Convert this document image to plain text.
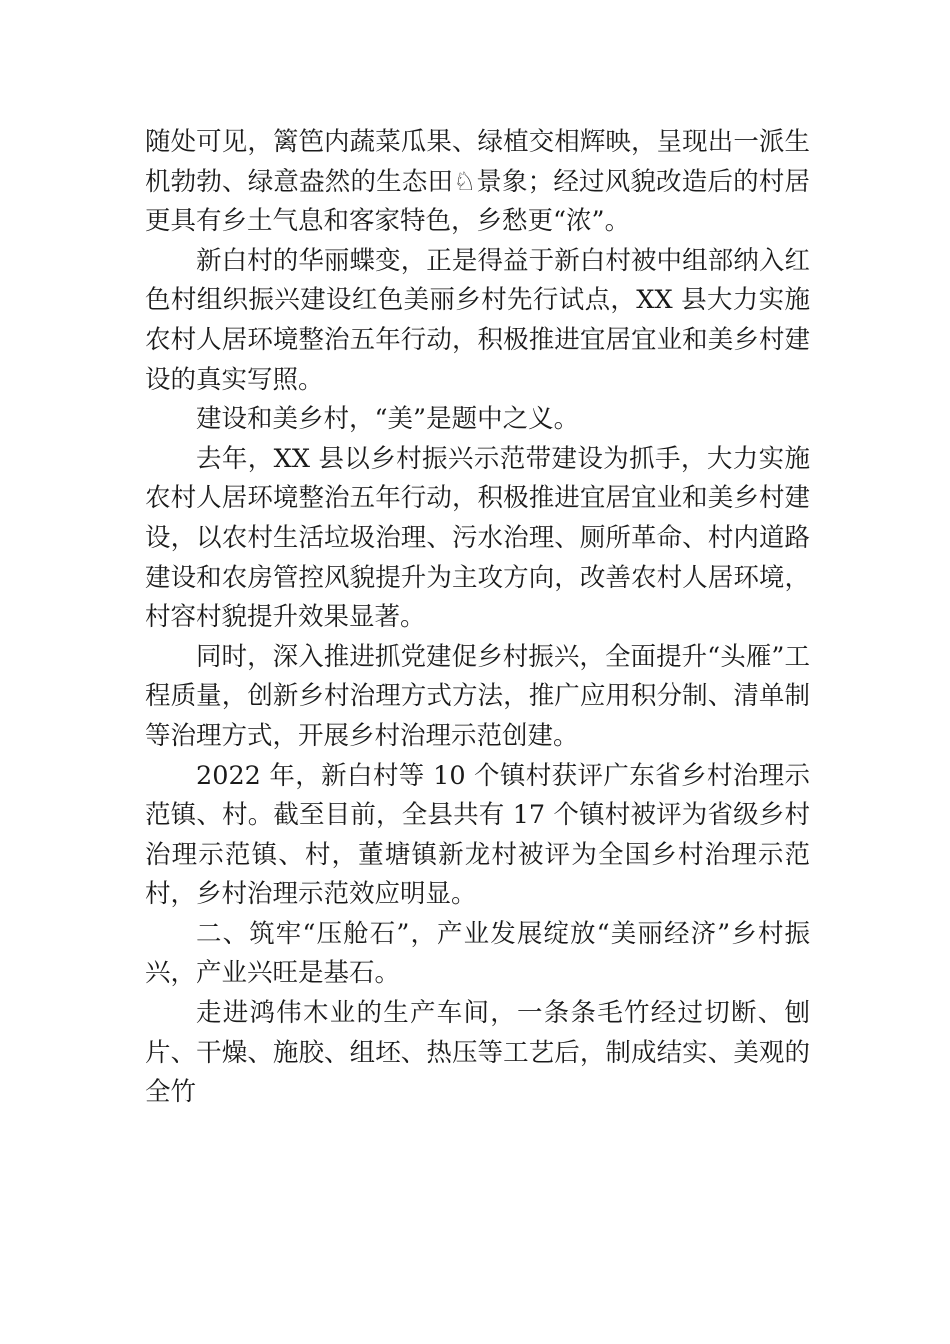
随处可见，篱笆内蔬菜瓜果、绿植交相辉映，呈现出一派生机勃勃、绿意盎然的生态田♘景象；经过风貌改造后的村居更具有乡土气息和客家特色，乡愁更“浓”。

新白村的华丽蝶变，正是得益于新白村被中组部纳入红色村组织振兴建设红色美丽乡村先行试点，XX 县大力实施农村人居环境整治五年行动，积极推进宜居宜业和美乡村建设的真实写照。

建设和美乡村，“美”是题中之义。

去年，XX 县以乡村振兴示范带建设为抓手，大力实施农村人居环境整治五年行动，积极推进宜居宜业和美乡村建设，以农村生活垃圾治理、污水治理、厕所革命、村内道路建设和农房管控风貌提升为主攻方向，改善农村人居环境， 村容村貌提升效果显著。

同时，深入推进抓党建促乡村振兴，全面提升“头雁”工程质量，创新乡村治理方式方法，推广应用积分制、清单制等治理方式，开展乡村治理示范创建。

2022 年，新白村等 10 个镇村获评广东省乡村治理示范镇、村。截至目前，全县共有 17 个镇村被评为省级乡村治理示范镇、村，董塘镇新龙村被评为全国乡村治理示范村，乡村治理示范效应明显。

二、筑牢“压舱石”，产业发展绽放“美丽经济”乡村振兴，产业兴旺是基石。

走进鸿伟木业的生产车间，一条条毛竹经过切断、刨片、干燥、施胶、组坯、热压等工艺后，制成结实、美观的全竹
